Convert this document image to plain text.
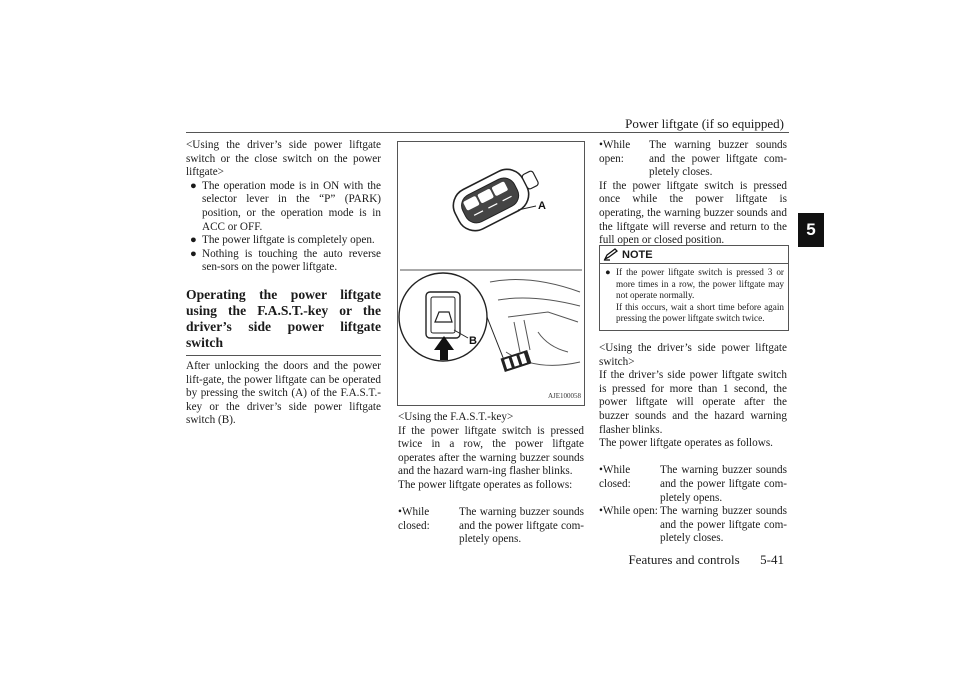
Power liftgate (if so equipped)
5

<Using the driver’s side power liftgate switch or the close switch on the power liftgate>

● The operation mode is in ON with the selector lever in the “P” (PARK) position, or the operation mode is in ACC or OFF.
● The power liftgate is completely open.
● Nothing is touching the auto reverse sen-sors on the power liftgate.
Operating the power liftgate using the F.A.S.T.-key or the driver’s side power liftgate switch

After unlocking the doors and the power lift-gate, the power liftgate can be operated by pressing the switch (A) of the F.A.S.T.-key or the driver’s side power liftgate switch (B).

A
B
AJE100058

<Using the F.A.S.T.-key>

If the power liftgate switch is pressed twice in a row, the power liftgate operates after the warning buzzer sounds and the hazard warn-ing flasher blinks.

The power liftgate operates as follows:

•While closed:
The warning buzzer sounds and the power liftgate com-pletely opens.
•While open:
The warning buzzer sounds and the power liftgate com-pletely closes.

If the power liftgate switch is pressed once while the power liftgate is operating, the warning buzzer sounds and the liftgate will reverse and return to the full open or closed position.

NOTE
● If the power liftgate switch is pressed 3 or more times in a row, the power liftgate may not operate normally.
If this occurs, wait a short time before again pressing the power liftgate switch twice.

<Using the driver’s side power liftgate switch>

If the driver’s side power liftgate switch is pressed for more than 1 second, the power liftgate will operate after the buzzer sounds and the hazard warning flasher blinks.

The power liftgate operates as follows.

•While closed:
The warning buzzer sounds and the power liftgate com-pletely opens.
•While open: The warning buzzer sounds and the power liftgate com-pletely closes.
Features and controls 5-41
